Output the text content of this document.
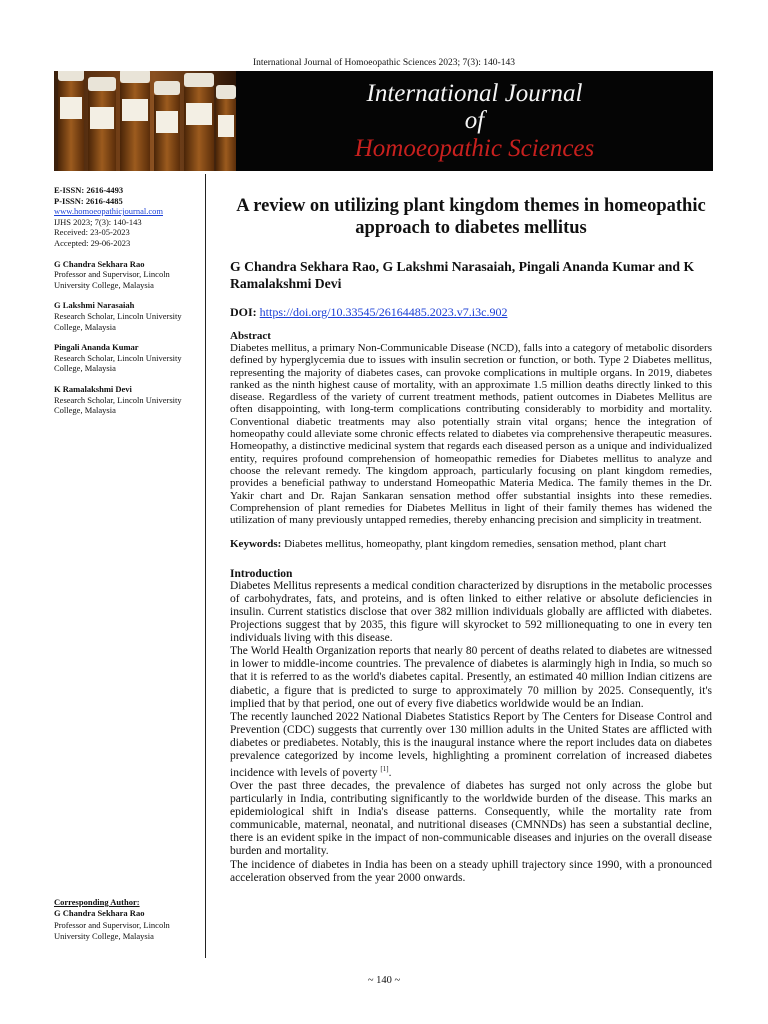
International Journal of Homoeopathic Sciences 2023; 7(3): 140-143
International Journal
of
Homoeopathic Sciences
E-ISSN: 2616-4493
P-ISSN: 2616-4485
www.homoeopathicjournal.com
IJHS 2023; 7(3): 140-143
Received: 23-05-2023
Accepted: 29-06-2023
G Chandra Sekhara Rao
Professor and Supervisor, Lincoln University College, Malaysia
G Lakshmi Narasaiah
Research Scholar, Lincoln University College, Malaysia
Pingali Ananda Kumar
Research Scholar, Lincoln University College, Malaysia
K Ramalakshmi Devi
Research Scholar, Lincoln University College, Malaysia
Corresponding Author:
G Chandra Sekhara Rao
Professor and Supervisor, Lincoln University College, Malaysia
A review on utilizing plant kingdom themes in homeopathic approach to diabetes mellitus
G Chandra Sekhara Rao, G Lakshmi Narasaiah, Pingali Ananda Kumar and K Ramalakshmi Devi
DOI: https://doi.org/10.33545/26164485.2023.v7.i3c.902
Abstract

Diabetes mellitus, a primary Non-Communicable Disease (NCD), falls into a category of metabolic disorders defined by hyperglycemia due to issues with insulin secretion or function, or both. Type 2 Diabetes mellitus, representing the majority of diabetes cases, can provoke complications in multiple organs. In 2019, diabetes ranked as the ninth highest cause of mortality, with an approximate 1.5 million deaths directly linked to this disease. Regardless of the variety of current treatment methods, patient outcomes in Diabetes Mellitus are often disappointing, with long-term complications contributing considerably to morbidity and mortality. Conventional diabetic treatments may also potentially strain vital organs; hence the integration of homeopathy could alleviate some chronic effects related to diabetes via comprehensive therapeutic measures. Homeopathy, a distinctive medicinal system that regards each diseased person as a unique and individualized entity, requires profound comprehension of homeopathic remedies for Diabetes mellitus to analyze and choose the relevant remedy. The kingdom approach, particularly focusing on plant kingdom remedies, provides a beneficial pathway to understand Homeopathic Materia Medica. The family themes in the Dr. Yakir chart and Dr. Rajan Sankaran sensation method offer substantial insights into these remedies. Comprehension of plant remedies for Diabetes Mellitus in light of their family themes has widened the utilization of many previously untapped remedies, thereby enhancing precision and simplicity in treatment.

Keywords: Diabetes mellitus, homeopathy, plant kingdom remedies, sensation method, plant chart
Introduction

Diabetes Mellitus represents a medical condition characterized by disruptions in the metabolic processes of carbohydrates, fats, and proteins, and is often linked to either relative or absolute deficiencies in insulin. Current statistics disclose that over 382 million individuals globally are afflicted with diabetes. Projections suggest that by 2035, this figure will skyrocket to 592 millionequating to one in every ten individuals living with this disease.

The World Health Organization reports that nearly 80 percent of deaths related to diabetes are witnessed in lower to middle-income countries. The prevalence of diabetes is alarmingly high in India, so much so that it is referred to as the world's diabetes capital. Presently, an estimated 40 million Indian citizens are diabetic, a figure that is predicted to surge to approximately 70 million by 2025. Consequently, it's implied that by that period, one out of every five diabetics worldwide would be an Indian.

The recently launched 2022 National Diabetes Statistics Report by The Centers for Disease Control and Prevention (CDC) suggests that currently over 130 million adults in the United States are afflicted with diabetes or prediabetes. Notably, this is the inaugural instance where the report includes data on diabetes prevalence categorized by income levels, highlighting a prominent correlation of increased diabetes incidence with levels of poverty [1].

Over the past three decades, the prevalence of diabetes has surged not only across the globe but particularly in India, contributing significantly to the worldwide burden of the disease. This marks an epidemiological shift in India's disease patterns. Consequently, while the mortality rate from communicable, maternal, neonatal, and nutritional diseases (CMNNDs) has seen a substantial decline, there is an evident spike in the impact of non-communicable diseases and injuries on the overall disease burden and mortality.

The incidence of diabetes in India has been on a steady uphill trajectory since 1990, with a pronounced acceleration observed from the year 2000 onwards.

~ 140 ~
